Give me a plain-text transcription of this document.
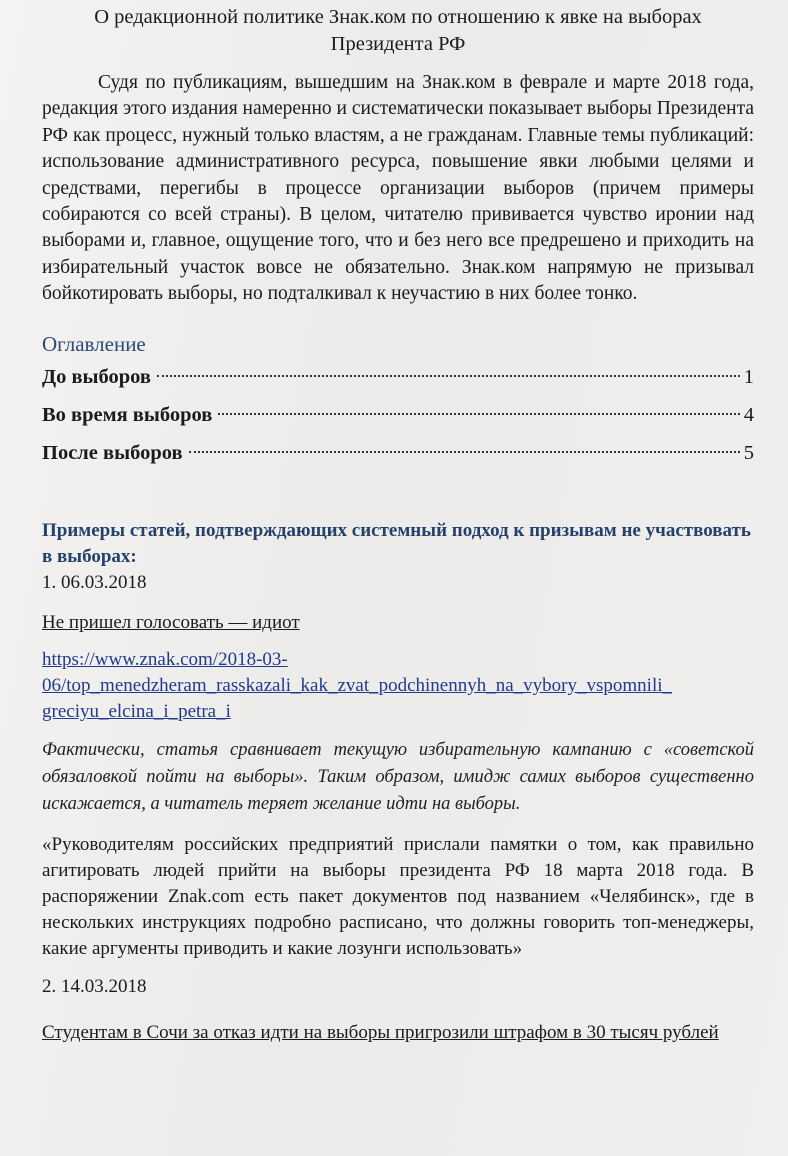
О редакционной политике Знак.ком по отношению к явке на выборах
Президента РФ

Судя по публикациям, вышедшим на Знак.ком в феврале и марте 2018 года, редакция этого издания намеренно и систематически показывает выборы Президента РФ как процесс, нужный только властям, а не гражданам. Главные темы публикаций: использование административного ресурса, повышение явки любыми целями и средствами, перегибы в процессе организации выборов (причем примеры собираются со всей страны). В целом, читателю прививается чувство иронии над выборами и, главное, ощущение того, что и без него все предрешено и приходить на избирательный участок вовсе не обязательно. Знак.ком напрямую не призывал бойкотировать выборы, но подталкивал к неучастию в них более тонко.

Оглавление

До выборов	1
Во время выборов	4
После выборов	5

Примеры статей, подтверждающих системный подход к призывам не участвовать в выборах:

1. 06.03.2018

Не пришел голосовать — идиот

https://www.znak.com/2018-03-
06/top_menedzheram_rasskazali_kak_zvat_podchinennyh_na_vybory_vspomnili_
greciyu_elcina_i_petra_i

Фактически, статья сравнивает текущую избирательную кампанию с «советской обязаловкой пойти на выборы». Таким образом, имидж самих выборов существенно искажается, а читатель теряет желание идти на выборы.

«Руководителям российских предприятий прислали памятки о том, как правильно агитировать людей прийти на выборы президента РФ 18 марта 2018 года. В распоряжении Znak.com есть пакет документов под названием «Челябинск», где в нескольких инструкциях подробно расписано, что должны говорить топ-менеджеры, какие аргументы приводить и какие лозунги использовать»

2. 14.03.2018

Студентам в Сочи за отказ идти на выборы пригрозили штрафом в 30 тысяч рублей
